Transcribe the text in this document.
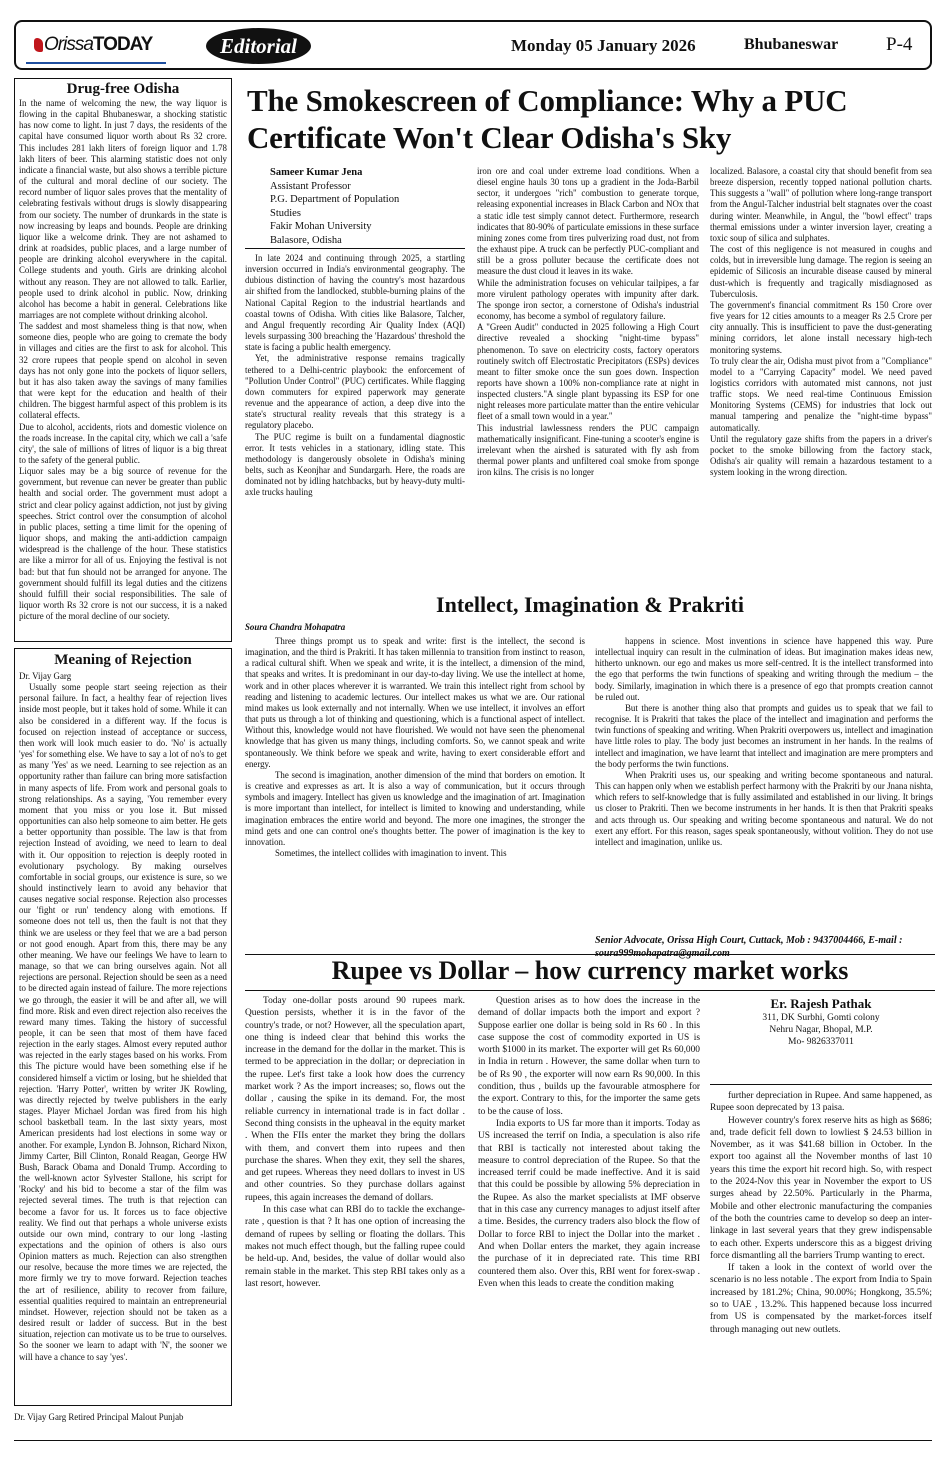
OrissaTODAY	Editorial	Monday 05 January 2026	Bhubaneswar	P-4
Drug-free Odisha

In the name of welcoming the new, the way liquor is flowing in the capital Bhubaneswar, a shocking statistic has now come to light. In just 7 days, the residents of the capital have consumed liquor worth about Rs 32 crore. This includes 281 lakh liters of foreign liquor and 1.78 lakh liters of beer. This alarming statistic does not only indicate a financial waste, but also shows a terrible picture of the cultural and moral decline of our society. The record number of liquor sales proves that the mentality of celebrating festivals without drugs is slowly disappearing from our society. The number of drunkards in the state is now increasing by leaps and bounds. People are drinking liquor like a welcome drink. They are not ashamed to drink at roadsides, public places, and a large number of people are drinking alcohol everywhere in the capital. College students and youth. Girls are drinking alcohol without any reason. They are not allowed to talk. Earlier, people used to drink alcohol in public. Now, drinking alcohol has become a habit in general. Celebrations like marriages are not complete without drinking alcohol.

The saddest and most shameless thing is that now, when someone dies, people who are going to cremate the body in villages and cities are the first to ask for alcohol. This 32 crore rupees that people spend on alcohol in seven days has not only gone into the pockets of liquor sellers, but it has also taken away the savings of many families that were kept for the education and health of their children. The biggest harmful aspect of this problem is its collateral effects.

Due to alcohol, accidents, riots and domestic violence on the roads increase. In the capital city, which we call a 'safe city', the sale of millions of litres of liquor is a big threat to the safety of the general public.

Liquor sales may be a big source of revenue for the government, but revenue can never be greater than public health and social order. The government must adopt a strict and clear policy against addiction, not just by giving speeches. Strict control over the consumption of alcohol in public places, setting a time limit for the opening of liquor shops, and making the anti-addiction campaign widespread is the challenge of the hour. These statistics are like a mirror for all of us. Enjoying the festival is not bad: but that fun should not be arranged for anyone. The government should fulfill its legal duties and the citizens should fulfill their social responsibilities. The sale of liquor worth Rs 32 crore is not our success, it is a naked picture of the moral decline of our society.

Meaning of Rejection
Dr. Vijay Garg

Usually some people start seeing rejection as their personal failure. In fact, a healthy fear of rejection lives inside most people, but it takes hold of some. While it can also be considered in a different way. If the focus is focused on rejection instead of acceptance or success, then work will look much easier to do. 'No' is actually 'yes' for something else. We have to say a lot of no's to get as many 'Yes' as we need. Learning to see rejection as an opportunity rather than failure can bring more satisfaction in many aspects of life. From work and personal goals to strong relationships. As a saying, 'You remember every moment that you miss or you lose it. But missed opportunities can also help someone to aim better. He gets a better opportunity than possible. The law is that from rejection Instead of avoiding, we need to learn to deal with it. Our opposition to rejection is deeply rooted in evolutionary psychology. By making ourselves comfortable in social groups, our existence is sure, so we should instinctively learn to avoid any behavior that causes negative social response. Rejection also processes our 'fight or run' tendency along with emotions. If someone does not tell us, then the fault is not that they think we are useless or they feel that we are a bad person or not good enough. Apart from this, there may be any other meaning. We have our feelings We have to learn to manage, so that we can bring ourselves again. Not all rejections are personal. Rejection should be seen as a need to be directed again instead of failure. The more rejections we go through, the easier it will be and after all, we will find more. Risk and even direct rejection also receives the reward many times. Taking the history of successful people, it can be seen that most of them have faced rejection in the early stages. Almost every reputed author was rejected in the early stages based on his works. From this The picture would have been something else if he considered himself a victim or losing, but he shielded that rejection. 'Harry Potter', written by writer JK Rowling, was directly rejected by twelve publishers in the early stages. Player Michael Jordan was fired from his high school basketball team. In the last sixty years, most American presidents had lost elections in some way or another. For example, Lyndon B. Johnson, Richard Nixon, Jimmy Carter, Bill Clinton, Ronald Reagan, George HW Bush, Barack Obama and Donald Trump. According to the well-known actor Sylvester Stallone, his script for 'Rocky' and his bid to become a star of the film was rejected several times. The truth is that rejection can become a favor for us. It forces us to face objective reality. We find out that perhaps a whole universe exists outside our own mind, contrary to our long -lasting expectations and the opinion of others is also ours Opinion matters as much. Rejection can also strengthen our resolve, because the more times we are rejected, the more firmly we try to move forward. Rejection teaches the art of resilience, ability to recover from failure, essential qualities required to maintain an entrepreneurial mindset. However, rejection should not be taken as a desired result or ladder of success. But in the best situation, rejection can motivate us to be true to ourselves. So the sooner we learn to adapt with 'N', the sooner we will have a chance to say 'yes'.

Dr. Vijay Garg Retired Principal Malout Punjab
The Smokescreen of Compliance: Why a PUC Certificate Won't Clear Odisha's Sky

Sameer Kumar Jena

Assistant Professor

P.G. Department of Population

Studies

Fakir Mohan University

Balasore, Odisha

In late 2024 and continuing through 2025, a startling inversion occurred in India's environmental geography. The dubious distinction of having the country's most hazardous air shifted from the landlocked, stubble-burning plains of the National Capital Region to the industrial heartlands and coastal towns of Odisha. With cities like Balasore, Talcher, and Angul frequently recording Air Quality Index (AQI) levels surpassing 300 breaching the 'Hazardous' threshold the state is facing a public health emergency.

Yet, the administrative response remains tragically tethered to a Delhi-centric playbook: the enforcement of "Pollution Under Control" (PUC) certificates. While flagging down commuters for expired paperwork may generate revenue and the appearance of action, a deep dive into the state's structural reality reveals that this strategy is a regulatory placebo.

The PUC regime is built on a fundamental diagnostic error. It tests vehicles in a stationary, idling state. This methodology is dangerously obsolete in Odisha's mining belts, such as Keonjhar and Sundargarh. Here, the roads are dominated not by idling hatchbacks, but by heavy-duty multi-axle trucks hauling

iron ore and coal under extreme load conditions. When a diesel engine hauls 30 tons up a gradient in the Joda-Barbil sector, it undergoes "rich" combustion to generate torque, releasing exponential increases in Black Carbon and NOx that a static idle test simply cannot detect. Furthermore, research indicates that 80-90% of particulate emissions in these surface mining zones come from tires pulverizing road dust, not from the exhaust pipe. A truck can be perfectly PUC-compliant and still be a gross polluter because the certificate does not measure the dust cloud it leaves in its wake.

While the administration focuses on vehicular tailpipes, a far more virulent pathology operates with impunity after dark. The sponge iron sector, a cornerstone of Odisha's industrial economy, has become a symbol of regulatory failure.

A "Green Audit" conducted in 2025 following a High Court directive revealed a shocking "night-time bypass" phenomenon. To save on electricity costs, factory operators routinely switch off Electrostatic Precipitators (ESPs) devices meant to filter smoke once the sun goes down. Inspection reports have shown a 100% non-compliance rate at night in inspected clusters."A single plant bypassing its ESP for one night releases more particulate matter than the entire vehicular fleet of a small town would in a year."

This industrial lawlessness renders the PUC campaign mathematically insignificant. Fine-tuning a scooter's engine is irrelevant when the airshed is saturated with fly ash from thermal power plants and unfiltered coal smoke from sponge iron kilns. The crisis is no longer

localized. Balasore, a coastal city that should benefit from sea breeze dispersion, recently topped national pollution charts. This suggests a "wall" of pollution where long-range transport from the Angul-Talcher industrial belt stagnates over the coast during winter. Meanwhile, in Angul, the "bowl effect" traps thermal emissions under a winter inversion layer, creating a toxic soup of silica and sulphates.

The cost of this negligence is not measured in coughs and colds, but in irreversible lung damage. The region is seeing an epidemic of Silicosis an incurable disease caused by mineral dust-which is frequently and tragically misdiagnosed as Tuberculosis.

The government's financial commitment Rs 150 Crore over five years for 12 cities amounts to a meager Rs 2.5 Crore per city annually. This is insufficient to pave the dust-generating mining corridors, let alone install necessary high-tech monitoring systems.

To truly clear the air, Odisha must pivot from a "Compliance" model to a "Carrying Capacity" model. We need paved logistics corridors with automated mist cannons, not just traffic stops. We need real-time Continuous Emission Monitoring Systems (CEMS) for industries that lock out manual tampering and penalize the "night-time bypass" automatically.

Until the regulatory gaze shifts from the papers in a driver's pocket to the smoke billowing from the factory stack, Odisha's air quality will remain a hazardous testament to a system looking in the wrong direction.

Intellect, Imagination & Prakriti
Soura Chandra Mohapatra

Three things prompt us to speak and write: first is the intellect, the second is imagination, and the third is Prakriti. It has taken millennia to transition from instinct to reason, a radical cultural shift. When we speak and write, it is the intellect, a dimension of the mind, that speaks and writes. It is predominant in our day-to-day living. We use the intellect at home, work and in other places wherever it is warranted. We train this intellect right from school by reading and listening to academic lectures. Our intellect makes us what we are. Our rational mind makes us look externally and not internally. When we use intellect, it involves an effort that puts us through a lot of thinking and questioning, which is a functional aspect of intellect. Without this, knowledge would not have flourished. We would not have seen the phenomenal knowledge that has given us many things, including comforts. So, we cannot speak and write spontaneously. We think before we speak and write, having to exert considerable effort and energy.

The second is imagination, another dimension of the mind that borders on emotion. It is creative and expresses as art. It is also a way of communication, but it occurs through symbols and imagery. Intellect has given us knowledge and the imagination of art. Imagination is more important than intellect, for intellect is limited to knowing and understanding, while imagination embraces the entire world and beyond. The more one imagines, the stronger the mind gets and one can control one's thoughts better. The power of imagination is the key to innovation.

Sometimes, the intellect collides with imagination to invent. This

happens in science. Most inventions in science have happened this way. Pure intellectual inquiry can result in the culmination of ideas. But imagination makes ideas new, hitherto unknown. our ego and makes us more self-centred. It is the intellect transformed into the ego that performs the twin functions of speaking and writing through the medium – the body. Similarly, imagination in which there is a presence of ego that prompts creation cannot be ruled out.

But there is another thing also that prompts and guides us to speak that we fail to recognise. It is Prakriti that takes the place of the intellect and imagination and performs the twin functions of speaking and writing. When Prakriti overpowers us, intellect and imagination have little roles to play. The body just becomes an instrument in her hands. In the realms of intellect and imagination, we have learnt that intellect and imagination are mere prompters and the body performs the twin functions.

When Prakriti uses us, our speaking and writing become spontaneous and natural. This can happen only when we establish perfect harmony with the Prakriti by our Jnana nishta, which refers to self-knowledge that is fully assimilated and established in our living. It brings us closer to Prakriti. Then we become instruments in her hands. It is then that Prakriti speaks and acts through us. Our speaking and writing become spontaneous and natural. We do not exert any effort. For this reason, sages speak spontaneously, without volition. They do not use intellect and imagination, unlike us.

Senior Advocate, Orissa High Court, Cuttack, Mob : 9437004466, E-mail :
Rupee vs Dollar – how currency market works

Today one-dollar posts around 90 rupees mark. Question persists, whether it is in the favor of the country's trade, or not? However, all the speculation apart, one thing is indeed clear that behind this works the increase in the demand for the dollar in the market. This is termed to be appreciation in the dollar; or depreciation in the rupee. Let's first take a look how does the currency market work ? As the import increases; so, flows out the dollar , causing the spike in its demand. For, the most reliable currency in international trade is in fact dollar . Second thing consists in the upheaval in the equity market . When the FIIs enter the market they bring the dollars with them, and convert them into rupees and then purchase the shares. When they exit, they sell the shares, and get rupees. Whereas they need dollars to invest in US and other countries. So they purchase dollars against rupees, this again increases the demand of dollars.

In this case what can RBI do to tackle the exchange-rate , question is that ? It has one option of increasing the demand of rupees by selling or floating the dollars. This makes not much effect though, but the falling rupee could be held-up. And, besides, the value of dollar would also remain stable in the market. This step RBI takes only as a last resort, however.

Question arises as to how does the increase in the demand of dollar impacts both the import and export ? Suppose earlier one dollar is being sold in Rs 60 . In this case suppose the cost of commodity exported in US is worth $1000 in its market. The exporter will get Rs 60,000 in India in return . However, the same dollar when turn to be of Rs 90 , the exporter will now earn Rs 90,000. In this condition, thus , builds up the favourable atmosphere for the export. Contrary to this, for the importer the same gets to be the cause of loss.

India exports to US far more than it imports. Today as US increased the terrif on India, a speculation is also rife that RBI is tactically not interested about taking the measure to control depreciation of the Rupee. So that the increased terrif could be made ineffective. And it is said that this could be possible by allowing 5% depreciation in the Rupee. As also the market specialists at IMF observe that in this case any currency manages to adjust itself after a time. Besides, the currency traders also block the flow of Dollar to force RBI to inject the Dollar into the market . And when Dollar enters the market, they again increase the purchase of it in depreciated rate. This time RBI countered them also. Over this, RBI went for forex-swap . Even when this leads to create the condition making

Er. Rajesh Pathak
311, DK Surbhi, Gomti colony
Nehru Nagar, Bhopal, M.P.
Mo- 9826337011

further depreciation in Rupee. And same happened, as Rupee soon deprecated by 13 paisa.

However country's forex reserve hits as high as $686; and, trade deficit fell down to lowliest $ 24.53 billion in November, as it was $41.68 billion in October. In the export too against all the November months of last 10 years this time the export hit record high. So, with respect to the 2024-Nov this year in November the export to US surges ahead by 22.50%. Particularly in the Pharma, Mobile and other electronic manufacturing the companies of the both the countries came to develop so deep an inter-linkage in last several years that they grew indispensable to each other. Experts underscore this as a biggest driving force dismantling all the barriers Trump wanting to erect.

If taken a look in the context of world over the scenario is no less notable . The export from India to Spain increased by 181.2%; China, 90.00%; Hongkong, 35.5%; so to UAE , 13.2%. This happened because loss incurred from US is compensated by the market-forces itself through managing out new outlets.
